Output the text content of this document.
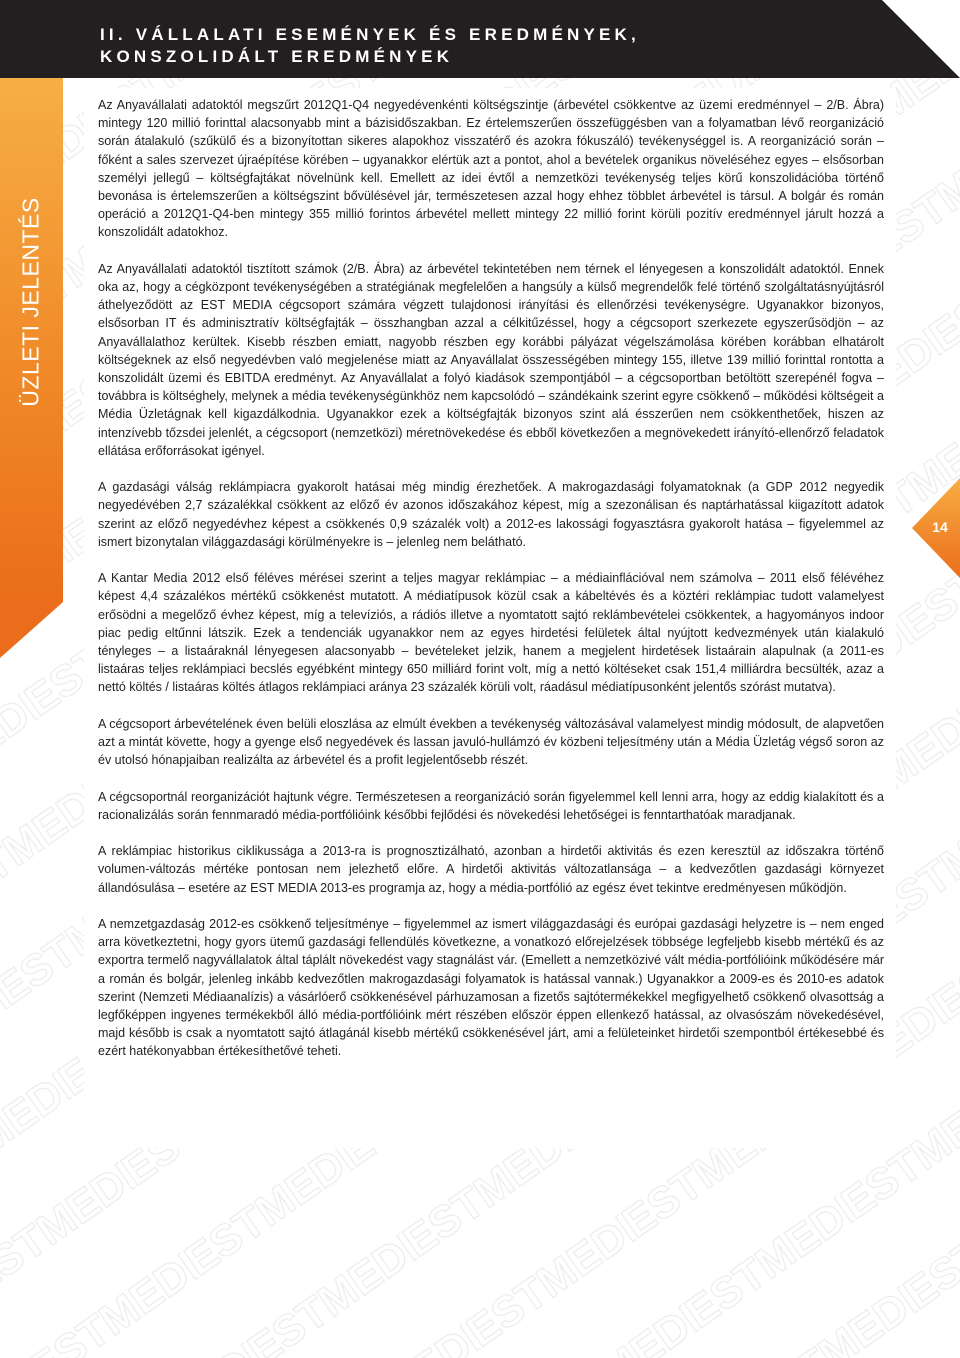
II. VÁLLALATI ESEMÉNYEK ÉS EREDMÉNYEK,
KONSZOLIDÁLT EREDMÉNYEK
ÜZLETI JELENTÉS
14

Az Anyavállalati adatoktól megszűrt 2012Q1-Q4 negyedévenkénti költségszintje (árbevétel csökkentve az üzemi eredménnyel – 2/B. Ábra) mintegy 120 millió forinttal alacsonyabb mint a bázisidőszakban. Ez értelemszerűen összefüggésben van a folyamatban lévő reorganizáció során átalakuló (szűkülő és a bizonyítottan sikeres alapokhoz visszatérő és azokra fókuszáló) tevékenységgel is. A reorganizáció során – főként a sales szervezet újraépítése körében – ugyanakkor elértük azt a pontot, ahol a bevételek organikus növeléséhez egyes – elsősorban személyi jellegű – költségfajtákat növelnünk kell. Emellett az idei évtől a nemzetközi tevékenység teljes körű konszolidációba történő bevonása is értelemszerűen a költségszint bővülésével jár, természetesen azzal hogy ehhez többlet árbevétel is társul. A bolgár és román operáció a 2012Q1-Q4-ben mintegy 355 millió forintos árbevétel mellett mintegy 22 millió forint körüli pozitív eredménnyel járult hozzá a konszolidált adatokhoz.

Az Anyavállalati adatoktól tisztított számok (2/B. Ábra) az árbevétel tekintetében nem térnek el lényegesen a konszolidált adatoktól. Ennek oka az, hogy a cégközpont tevékenységében a stratégiának megfelelően a hangsúly a külső megrendelők felé történő szolgáltatásnyújtásról áthelyeződött az EST MEDIA cégcsoport számára végzett tulajdonosi irányítási és ellenőrzési tevékenységre. Ugyanakkor bizonyos, elsősorban IT és adminisztratív költségfajták – összhangban azzal a célkitűzéssel, hogy a cégcsoport szerkezete egyszerűsödjön – az Anyavállalathoz kerültek. Kisebb részben emiatt, nagyobb részben egy korábbi pályázat végelszámolása körében korábban elhatárolt költségeknek az első negyedévben való megjelenése miatt az Anyavállalat összességében mintegy 155, illetve 139 millió forinttal rontotta a konszolidált üzemi és EBITDA eredményt. Az Anyavállalat a folyó kiadások szempontjából – a cégcsoportban betöltött szerepénél fogva – továbbra is költséghely, melynek a média tevékenységünkhöz nem kapcsolódó – szándékaink szerint egyre csökkenő – működési költségeit a Média Üzletágnak kell kigazdálkodnia. Ugyanakkor ezek a költségfajták bizonyos szint alá ésszerűen nem csökkenthetőek, hiszen az intenzívebb tőzsdei jelenlét, a cégcsoport (nemzetközi) méretnövekedése és ebből következően a megnövekedett irányító-ellenőrző feladatok ellátása erőforrásokat igényel.

A gazdasági válság reklámpiacra gyakorolt hatásai még mindig érezhetőek. A makrogazdasági folyamatoknak (a GDP 2012 negyedik negyedévében 2,7 százalékkal csökkent az előző év azonos időszakához képest, míg a szezonálisan és naptárhatással kiigazított adatok szerint az előző negyedévhez képest a csökkenés 0,9 százalék volt) a 2012-es lakossági fogyasztásra gyakorolt hatása – figyelemmel az ismert bizonytalan világgazdasági körülményekre is – jelenleg nem belátható.

A Kantar Media 2012 első féléves mérései szerint a teljes magyar reklámpiac – a médiainflációval nem számolva – 2011 első félévéhez képest 4,4 százalékos mértékű csökkenést mutatott. A médiatípusok közül csak a kábeltévés és a köztéri reklámpiac tudott valamelyest erősödni a megelőző évhez képest, míg a televíziós, a rádiós illetve a nyomtatott sajtó reklámbevételei csökkentek, a hagyományos indoor piac pedig eltűnni látszik. Ezek a tendenciák ugyanakkor nem az egyes hirdetési felületek által nyújtott kedvezmények után kialakuló tényleges – a listaáraknál lényegesen alacsonyabb – bevételeket jelzik, hanem a megjelent hirdetések listaárain alapulnak (a 2011-es listaáras teljes reklámpiaci becslés egyébként mintegy 650 milliárd forint volt, míg a nettó költéseket csak 151,4 milliárdra becsülték, azaz a nettó költés / listaáras költés átlagos reklámpiaci aránya 23 százalék körüli volt, ráadásul médiatípusonként jelentős szórást mutatva).

A cégcsoport árbevételének éven belüli eloszlása az elmúlt években a tevékenység változásával valamelyest mindig módosult, de alapvetően azt a mintát követte, hogy a gyenge első negyedévek és lassan javuló-hullámzó év közbeni teljesítmény után a Média Üzletág végső soron az év utolsó hónapjaiban realizálta az árbevétel és a profit legjelentősebb részét.

A cégcsoportnál reorganizációt hajtunk végre. Természetesen a reorganizáció során figyelemmel kell lenni arra, hogy az eddig kialakított és a racionalizálás során fennmaradó média-portfólióink későbbi fejlődési és növekedési lehetőségei is fenntarthatóak maradjanak.

A reklámpiac historikus ciklikussága a 2013-ra is prognosztizálható, azonban a hirdetői aktivitás és ezen keresztül az időszakra történő volumen-változás mértéke pontosan nem jelezhető előre. A hirdetői aktivitás változatlansága – a kedvezőtlen gazdasági környezet állandósulása – esetére az EST MEDIA 2013-es programja az, hogy a média-portfólió az egész évet tekintve eredményesen működjön.

A nemzetgazdaság 2012-es csökkenő teljesítménye – figyelemmel az ismert világgazdasági és európai gazdasági helyzetre is – nem enged arra következtetni, hogy gyors ütemű gazdasági fellendülés következne, a vonatkozó előrejelzések többsége legfeljebb kisebb mértékű és az exportra termelő nagyvállalatok által táplált növekedést vagy stagnálást vár. (Emellett a nemzetközivé vált média-portfólióink működésére már a román és bolgár, jelenleg inkább kedvezőtlen makrogazdasági folyamatok is hatással vannak.) Ugyanakkor a 2009-es és 2010-es adatok szerint (Nemzeti Médiaanalízis) a vásárlóerő csökkenésével párhuzamosan a fizetős sajtótermékekkel megfigyelhető csökkenő olvasottság a legfőképpen ingyenes termékekből álló média-portfólióink mért részében először éppen ellenkező hatással, az olvasószám növekedésével, majd később is csak a nyomtatott sajtó átlagánál kisebb mértékű csökkenésével járt, ami a felületeinket hirdetői szempontból értékesebbé és ezért hatékonyabban értékesíthetővé teheti.
